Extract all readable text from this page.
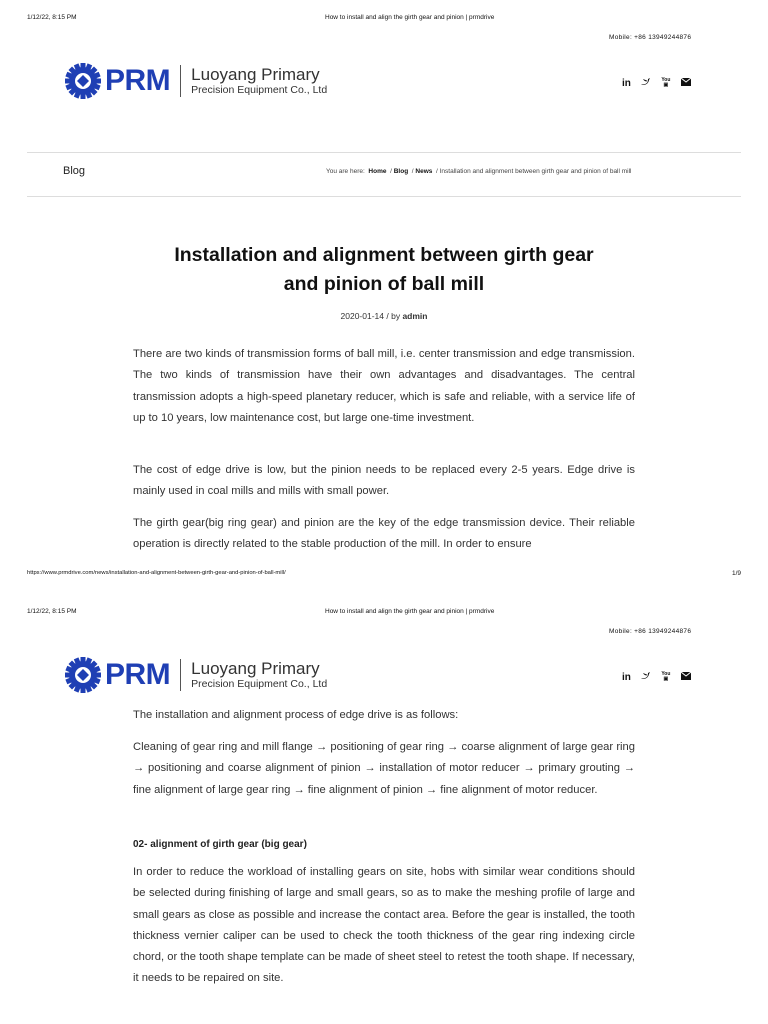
1/12/22, 8:15 PM	How to install and align the girth gear and pinion | prmdrive
Mobile: +86 13949244876
PRM Luoyang Primary
Precision Equipment Co., Ltd
in	You
▣
Blog	You are here: Home  / Blog  / News  / Installation and alignment between girth gear and pinion of ball mill
Installation and alignment between girth gear
and pinion of ball mill
2020-01-14 / by admin

There are two kinds of transmission forms of ball mill, i.e. center transmission and edge transmission. The two kinds of transmission have their own advantages and disadvantages. The central transmission adopts a high-speed planetary reducer, which is safe and reliable, with a service life of up to 10 years, low maintenance cost, but large one-time investment.

The cost of edge drive is low, but the pinion needs to be replaced every 2-5 years. Edge drive is mainly used in coal mills and mills with small power.

The girth gear(big ring gear) and pinion are the key of the edge transmission device. Their reliable operation is directly related to the stable production of the mill. In order to ensure

https://www.prmdrive.com/news/installation-and-alignment-between-girth-gear-and-pinion-of-ball-mill/	1/9
1/12/22, 8:15 PM	How to install and align the girth gear and pinion | prmdrive
Mobile: +86 13949244876
PRM Luoyang Primary
Precision Equipment Co., Ltd
in	You
▣

The installation and alignment process of edge drive is as follows:

Cleaning of gear ring and mill flange → positioning of gear ring → coarse alignment of large gear ring → positioning and coarse alignment of pinion → installation of motor reducer → primary grouting → fine alignment of large gear ring → fine alignment of pinion → fine alignment of motor reducer.

02- alignment of girth gear (big gear)

In order to reduce the workload of installing gears on site, hobs with similar wear conditions should be selected during finishing of large and small gears, so as to make the meshing profile of large and small gears as close as possible and increase the contact area. Before the gear is installed, the tooth thickness vernier caliper can be used to check the tooth thickness of the gear ring indexing circle chord, or the tooth shape template can be made of sheet steel to retest the tooth shape. If necessary, it needs to be repaired on site.
